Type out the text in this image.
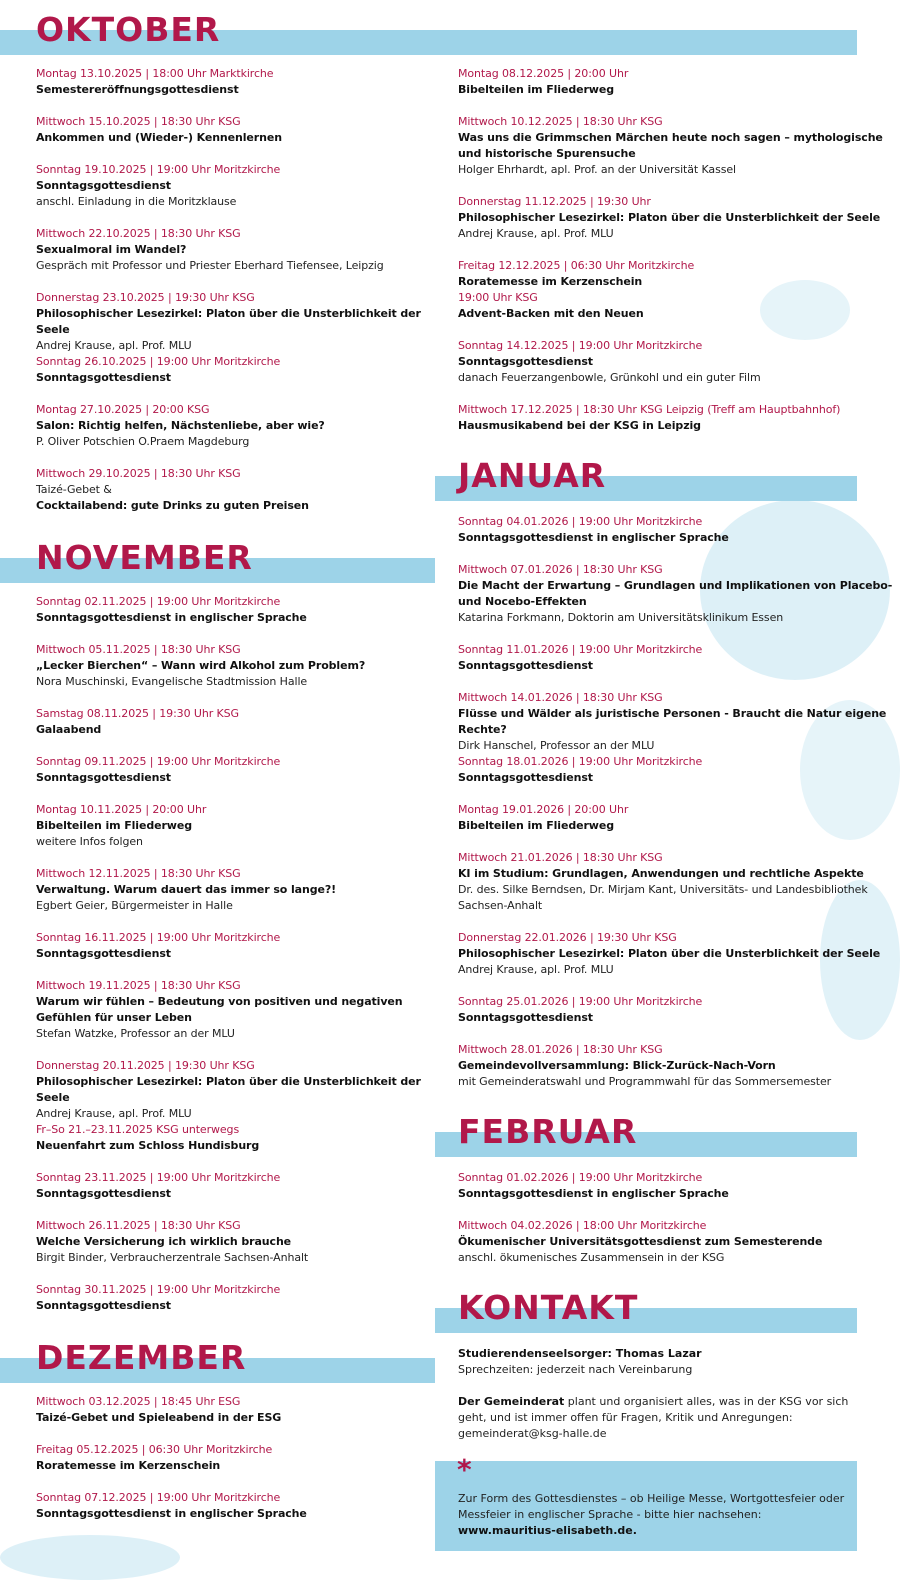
OKTOBER
Montag 13.10.2025 | 18:00 Uhr Marktkirche
Semestereröffnungsgottesdienst
Mittwoch 15.10.2025 | 18:30 Uhr KSG
Ankommen und (Wieder-) Kennenlernen
Sonntag 19.10.2025 | 19:00 Uhr Moritzkirche
Sonntagsgottesdienst
anschl. Einladung in die Moritzklause
Mittwoch 22.10.2025 | 18:30 Uhr KSG
Sexualmoral im Wandel?
Gespräch mit Professor und Priester Eberhard Tiefensee, Leipzig
Donnerstag 23.10.2025 | 19:30 Uhr KSG
Philosophischer Lesezirkel: Platon über die Unsterblichkeit der Seele
Andrej Krause, apl. Prof. MLU
Sonntag 26.10.2025 | 19:00 Uhr Moritzkirche
Sonntagsgottesdienst
Montag 27.10.2025 | 20:00 KSG
Salon: Richtig helfen, Nächstenliebe, aber wie?
P. Oliver Potschien O.Praem Magdeburg
Mittwoch 29.10.2025 | 18:30 Uhr KSG
Taizé-Gebet &
Cocktailabend: gute Drinks zu guten Preisen
NOVEMBER
Sonntag 02.11.2025 | 19:00 Uhr Moritzkirche
Sonntagsgottesdienst in englischer Sprache
Mittwoch 05.11.2025 | 18:30 Uhr KSG
„Lecker Bierchen“ – Wann wird Alkohol zum Problem?
Nora Muschinski, Evangelische Stadtmission Halle
Samstag 08.11.2025 | 19:30 Uhr KSG
Galaabend
Sonntag 09.11.2025 | 19:00 Uhr Moritzkirche
Sonntagsgottesdienst
Montag 10.11.2025 | 20:00 Uhr
Bibelteilen im Fliederweg
weitere Infos folgen
Mittwoch 12.11.2025 | 18:30 Uhr KSG
Verwaltung. Warum dauert das immer so lange?!
Egbert Geier, Bürgermeister in Halle
Sonntag 16.11.2025 | 19:00 Uhr Moritzkirche
Sonntagsgottesdienst
Mittwoch 19.11.2025 | 18:30 Uhr KSG
Warum wir fühlen – Bedeutung von positiven und negativen Gefühlen für unser Leben
Stefan Watzke, Professor an der MLU
Donnerstag 20.11.2025 | 19:30 Uhr KSG
Philosophischer Lesezirkel: Platon über die Unsterblichkeit der Seele
Andrej Krause, apl. Prof. MLU
Fr–So 21.–23.11.2025 KSG unterwegs
Neuenfahrt zum Schloss Hundisburg
Sonntag 23.11.2025 | 19:00 Uhr Moritzkirche
Sonntagsgottesdienst
Mittwoch 26.11.2025 | 18:30 Uhr KSG
Welche Versicherung ich wirklich brauche
Birgit Binder, Verbraucherzentrale Sachsen-Anhalt
Sonntag 30.11.2025 | 19:00 Uhr Moritzkirche
Sonntagsgottesdienst
DEZEMBER
Mittwoch 03.12.2025 | 18:45 Uhr ESG
Taizé-Gebet und Spieleabend in der ESG
Freitag 05.12.2025 | 06:30 Uhr Moritzkirche
Roratemesse im Kerzenschein
Sonntag 07.12.2025 | 19:00 Uhr Moritzkirche
Sonntagsgottesdienst in englischer Sprache
Montag 08.12.2025 | 20:00 Uhr
Bibelteilen im Fliederweg
Mittwoch 10.12.2025 | 18:30 Uhr KSG
Was uns die Grimmschen Märchen heute noch sagen – mythologische und historische Spurensuche
Holger Ehrhardt, apl. Prof. an der Universität Kassel
Donnerstag 11.12.2025 | 19:30 Uhr
Philosophischer Lesezirkel: Platon über die Unsterblichkeit der Seele
Andrej Krause, apl. Prof. MLU
Freitag 12.12.2025 | 06:30 Uhr Moritzkirche
Roratemesse im Kerzenschein
19:00 Uhr KSG
Advent-Backen mit den Neuen
Sonntag 14.12.2025 | 19:00 Uhr Moritzkirche
Sonntagsgottesdienst
danach Feuerzangenbowle, Grünkohl und ein guter Film
Mittwoch 17.12.2025 | 18:30 Uhr KSG Leipzig (Treff am Hauptbahnhof)
Hausmusikabend bei der KSG in Leipzig
JANUAR
Sonntag 04.01.2026 | 19:00 Uhr Moritzkirche
Sonntagsgottesdienst in englischer Sprache
Mittwoch 07.01.2026 | 18:30 Uhr KSG
Die Macht der Erwartung – Grundlagen und Implikationen von Placebo- und Nocebo-Effekten
Katarina Forkmann, Doktorin am Universitätsklinikum Essen
Sonntag 11.01.2026 | 19:00 Uhr Moritzkirche
Sonntagsgottesdienst
Mittwoch 14.01.2026 | 18:30 Uhr KSG
Flüsse und Wälder als juristische Personen - Braucht die Natur eigene Rechte?
Dirk Hanschel, Professor an der MLU
Sonntag 18.01.2026 | 19:00 Uhr Moritzkirche
Sonntagsgottesdienst
Montag 19.01.2026 | 20:00 Uhr
Bibelteilen im Fliederweg
Mittwoch 21.01.2026 | 18:30 Uhr KSG
KI im Studium: Grundlagen, Anwendungen und rechtliche Aspekte
Dr. des. Silke Berndsen, Dr. Mirjam Kant, Universitäts- und Landesbibliothek Sachsen-Anhalt
Donnerstag 22.01.2026 | 19:30 Uhr KSG
Philosophischer Lesezirkel: Platon über die Unsterblichkeit der Seele
Andrej Krause, apl. Prof. MLU
Sonntag 25.01.2026 | 19:00 Uhr Moritzkirche
Sonntagsgottesdienst
Mittwoch 28.01.2026 | 18:30 Uhr KSG
Gemeindevollversammlung: Blick-Zurück-Nach-Vorn
mit Gemeinderatswahl und Programmwahl für das Sommersemester
FEBRUAR
Sonntag 01.02.2026 | 19:00 Uhr Moritzkirche
Sonntagsgottesdienst in englischer Sprache
Mittwoch 04.02.2026 | 18:00 Uhr Moritzkirche
Ökumenischer Universitätsgottesdienst zum Semesterende
anschl. ökumenisches Zusammensein in der KSG
KONTAKT
Studierendenseelsorger: Thomas Lazar
Sprechzeiten: jederzeit nach Vereinbarung
Der Gemeinderat plant und organisiert alles, was in der KSG vor sich geht, und ist immer offen für Fragen, Kritik und Anregungen:
gemeinderat@ksg-halle.de
*
Zur Form des Gottesdienstes – ob Heilige Messe, Wortgottesfeier oder Messfeier in englischer Sprache - bitte hier nachsehen:
www.mauritius-elisabeth.de.
